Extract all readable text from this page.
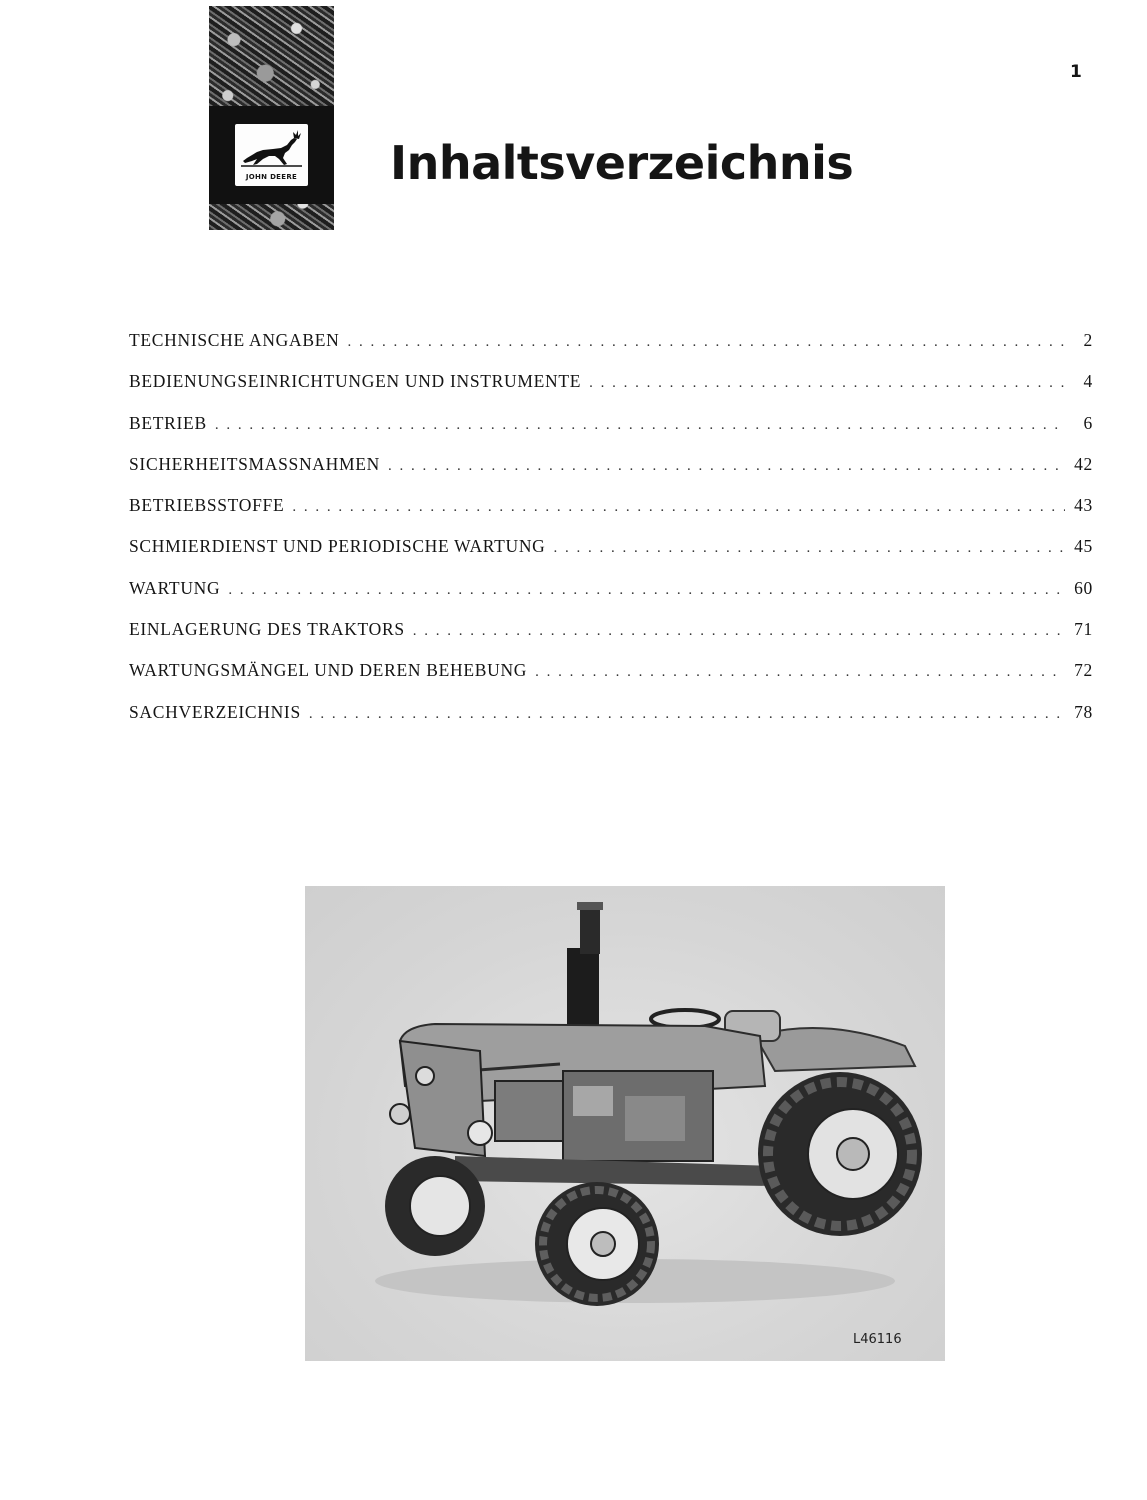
JOHN DEERE
1
Inhaltsverzeichnis
TECHNISCHE ANGABEN . . .	2
BEDIENUNGSEINRICHTUNGEN UND INSTRUMENTE . . .	4
BETRIEB . . .	6
SICHERHEITSMASSNAHMEN . . .	42
BETRIEBSSTOFFE . . .	43
SCHMIERDIENST UND PERIODISCHE WARTUNG . . .	45
WARTUNG . . .	60
EINLAGERUNG DES TRAKTORS . . .	71
WARTUNGSMÄNGEL UND DEREN BEHEBUNG . . .	72
SACHVERZEICHNIS . . .	78
L46116
